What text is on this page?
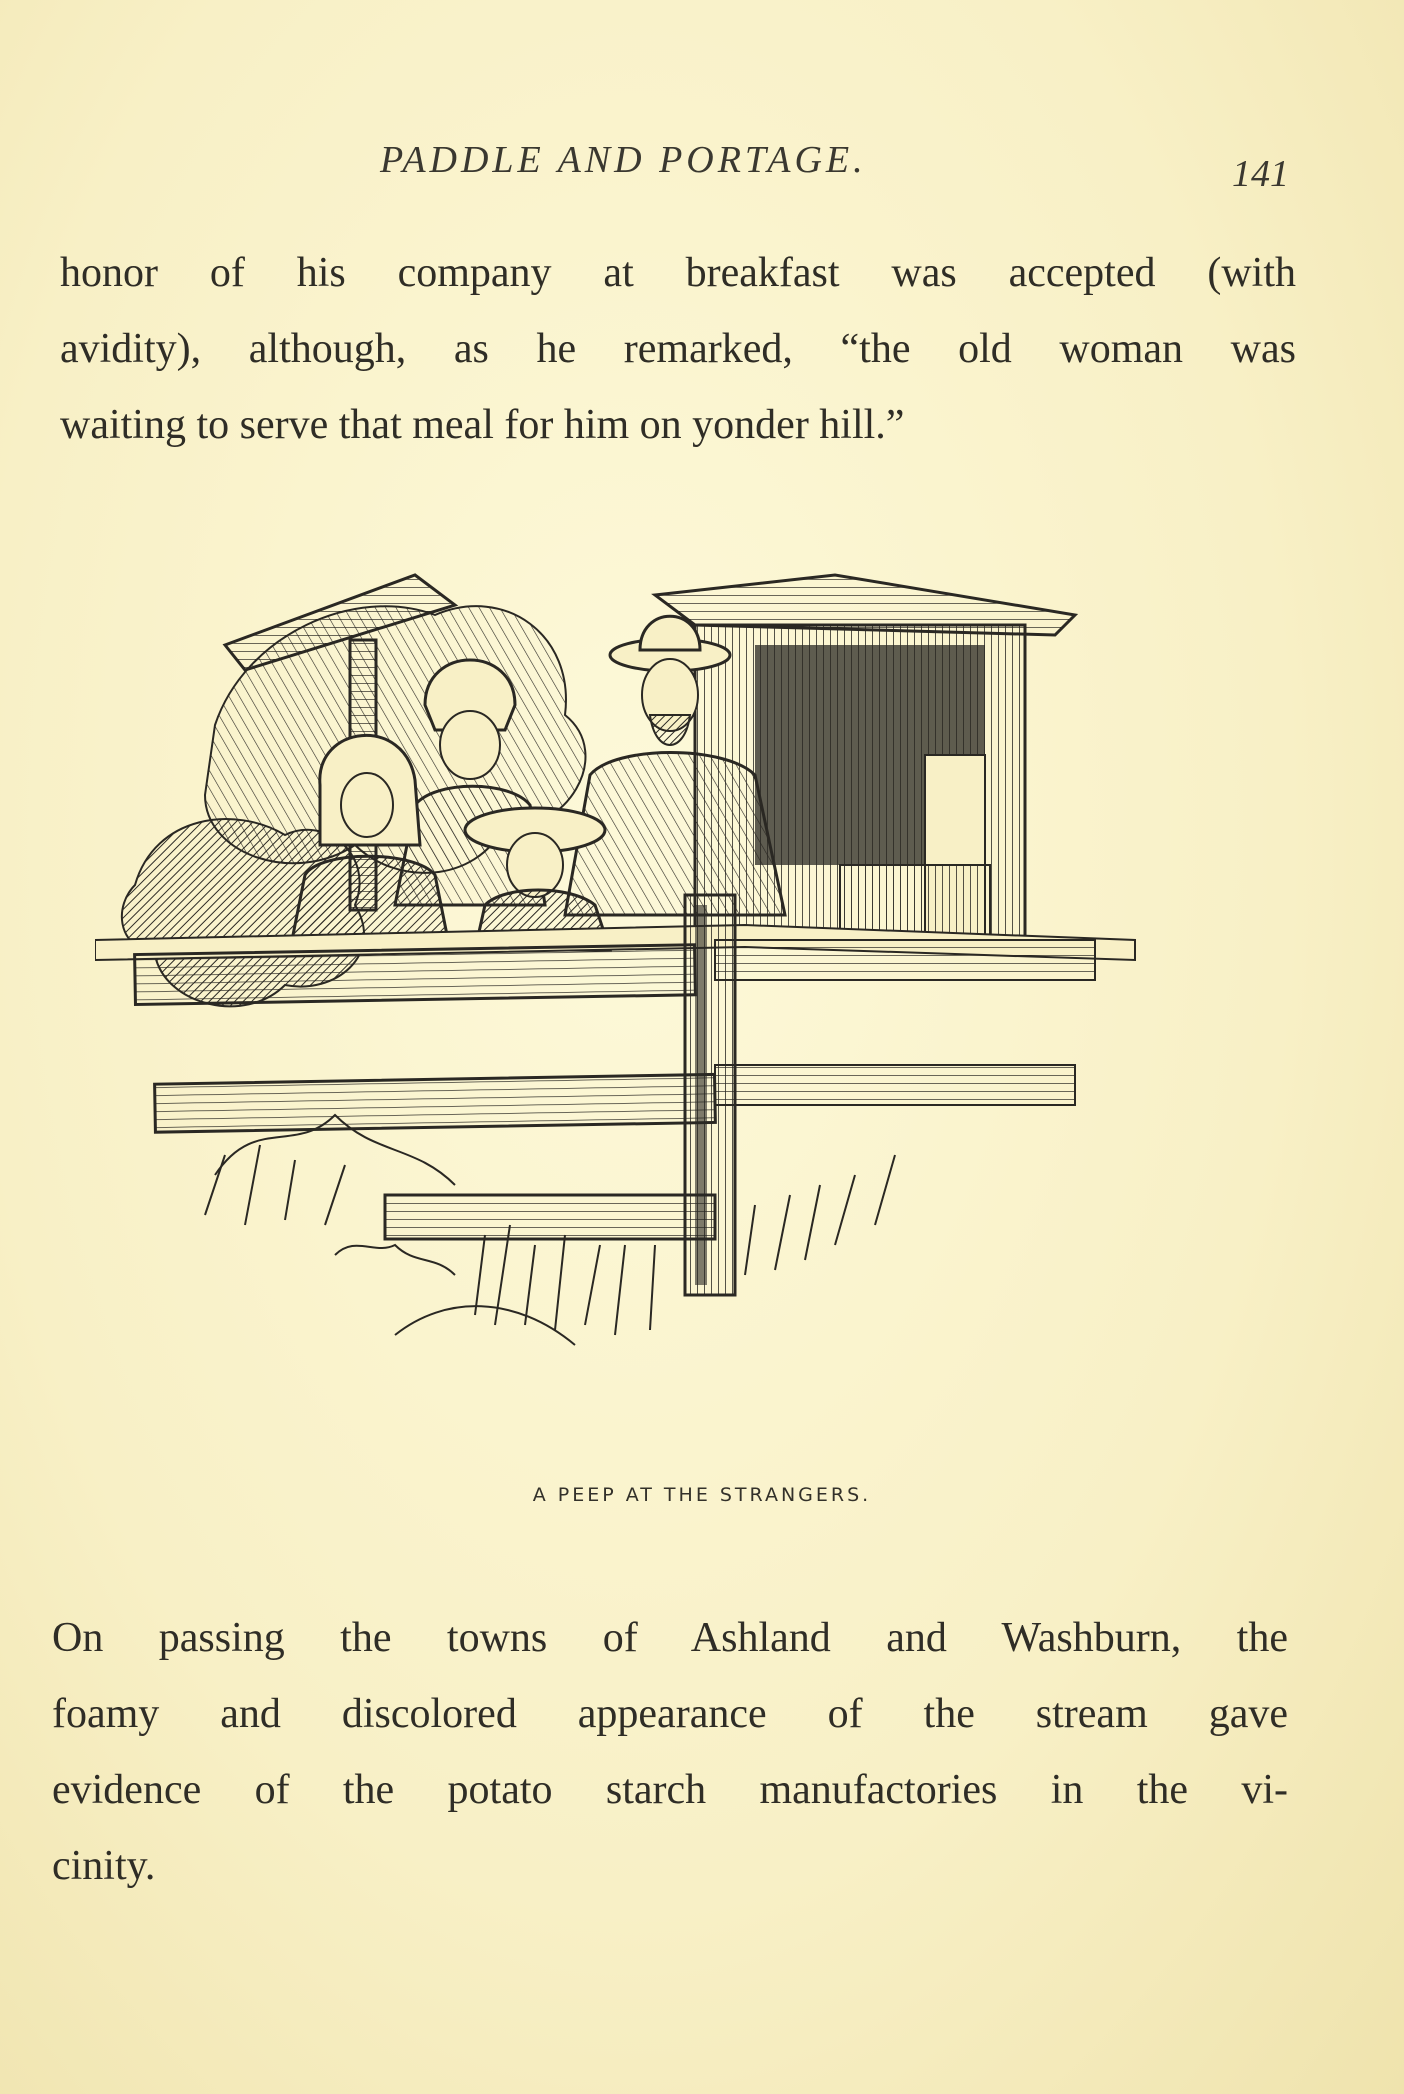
PADDLE AND PORTAGE.	141
honor of his company at breakfast was accepted (with
avidity), although, as he remarked, “the old woman was
waiting to serve that meal for him on yonder hill.”
A PEEP AT THE STRANGERS.
On passing the towns of Ashland and Washburn, the
foamy and discolored appearance of the stream gave
evidence of the potato starch manufactories in the vi-
cinity.
